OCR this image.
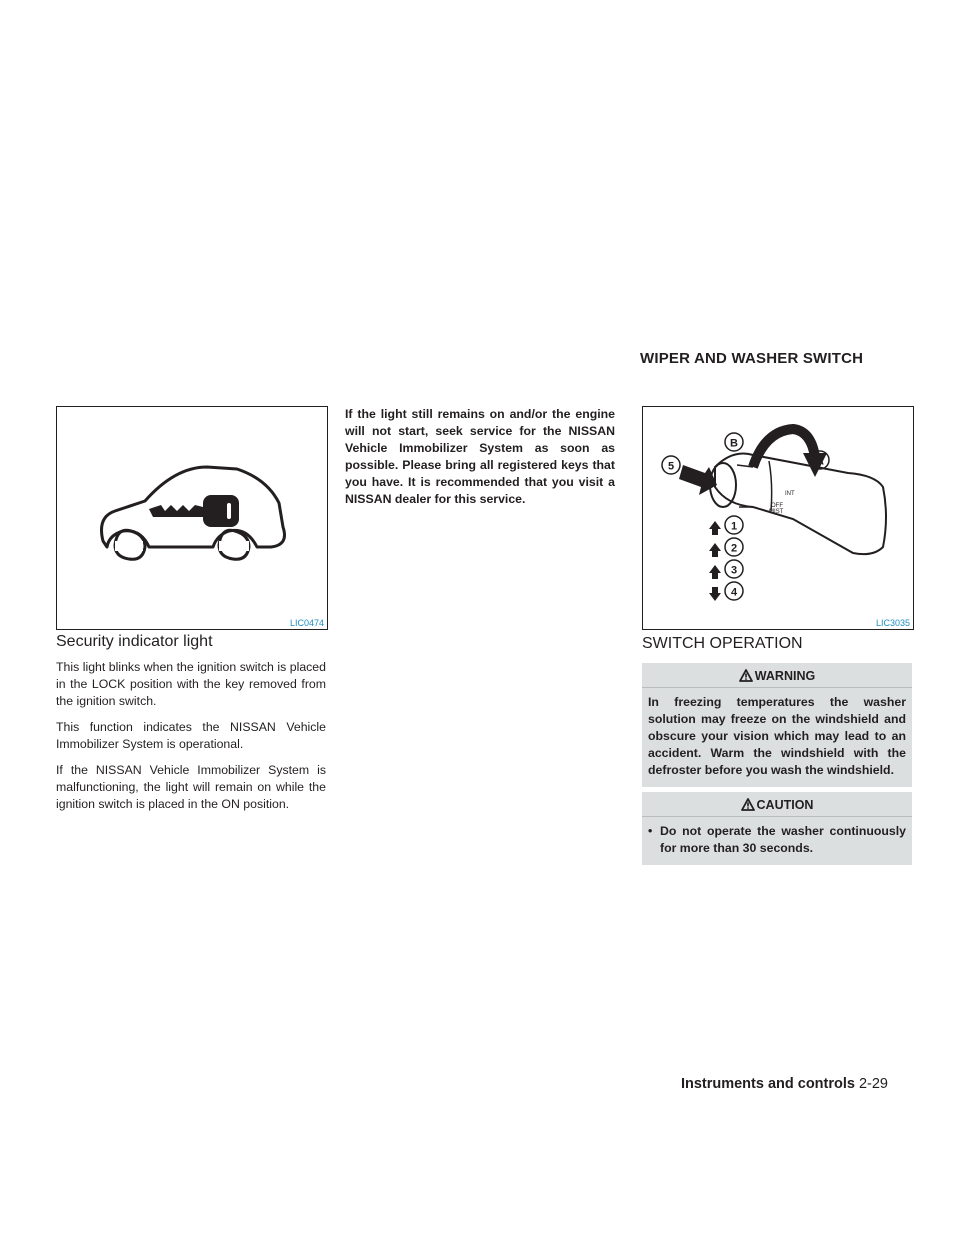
WIPER AND WASHER SWITCH
LIC0474
Security indicator light

This light blinks when the ignition switch is placed in the LOCK position with the key removed from the ignition switch.

This function indicates the NISSAN Vehicle Immobilizer System is operational.

If the NISSAN Vehicle Immobilizer System is malfunctioning, the light will remain on while the ignition switch is placed in the ON position.

If the light still remains on and/or the engine will not start, seek service for the NISSAN Vehicle Immobilizer System as soon as possible. Please bring all registered keys that you have. It is recommended that you visit a NISSAN dealer for this service.

B
A
5
INT
OFF
MIST
1
2
3
4
LIC3035
SWITCH OPERATION
WARNING

In freezing temperatures the washer solution may freeze on the windshield and obscure your vision which may lead to an accident. Warm the windshield with the defroster before you wash the windshield.

CAUTION
• Do not operate the washer continuously for more than 30 seconds.

Instruments and controls 2-29
